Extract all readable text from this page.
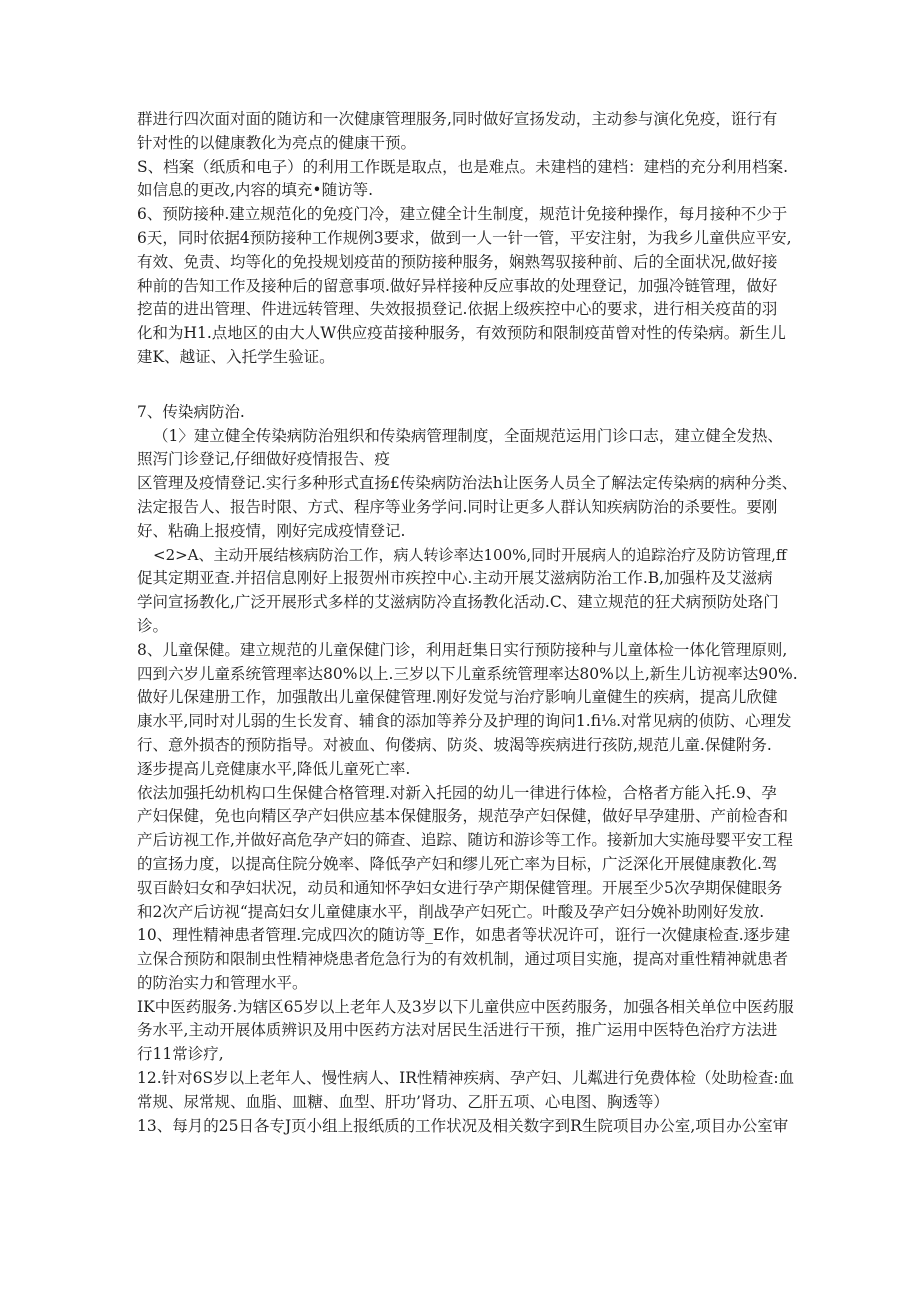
群进行四次面对面的随访和一次健康管理服务,同时做好宣扬发动，主动参与演化免疫，诳行有
针对性的以健康教化为亮点的健康干预。
S、档案（纸质和电子）的利用工作既是取点，也是难点。未建档的建档：建档的充分利用档案.
如信息的更改,内容的填充•随访等.
6、预防接种.建立规范化的免疫门冷，建立健全计生制度，规范计免接种操作，每月接种不少于
6天，同时依据4预防接种工作规例3要求，做到一人一针一管，平安注射，为我乡儿童供应平安,
有效、免责、均等化的免投规划疫苗的预防接种服务，娴熟驾驭接种前、后的全面状况,做好接
种前的告知工作及接种后的留意事项.做好异样接种反应事故的处理登记，加强冷链管理，做好
挖苗的进出管理、件进远转管理、失效报损登记.依据上级疾控中心的要求，进行相关疫苗的羽
化和为H1.点地区的由大人W供应疫苗接种服务，有效预防和限制疫苗曾对性的传染病。新生儿
建K、越证、入托学生验证。
7、传染病防治.
（1〉建立健全传染病防治殂织和传染病管理制度，全面规范运用门诊口志，建立健全发热、
照泻门诊登记,仔细做好疫情报告、疫
区管理及疫情登记.实行多种形式直扬£传染病防治法h让医务人员全了解法定传染病的病种分类、
法定报告人、报告时限、方式、程序等业务学问.同时让更多人群认知疾病防治的杀要性。要刚
好、粘确上报疫情，刚好完成疫情登记.
<2>A、主动开展结核病防治工作，病人转诊率达100%,同时开展病人的追踪治疗及防访管理,ff
促其定期亚查.并招信息刚好上报贺州市疾控中心.主动开展艾滋病防治工作.B,加强杵及艾滋病
学问宣扬教化,广泛开展形式多样的艾滋病防冷直扬教化活动.C、建立规范的狂犬病预防处珞门
诊。
8、儿童保健。建立规范的儿童保健门诊，利用赶集日实行预防接种与儿童体检一体化管理原则,
四到六岁儿童系统管理率达80%以上.三岁以下儿童系统管理率达80%以上,新生儿访视率达90%.
做好儿保建册工作，加强散出儿童保健管理.刚好发觉与治疗影响儿童健生的疾病，提高儿欣健
康水平,同时对儿弱的生长发育、辅食的添加等养分及护理的询问1.fi⅛.对常见病的侦防、心理发
行、意外损杏的预防指导。对被血、佝偻病、防炎、坡渴等疾病进行孩防,规范儿童.保健附务.
逐步提高儿竞健康水平,降低儿童死亡率.
依法加强托幼机构口生保健合格管理.对新入托园的幼儿一律进行体检，合格者方能入托.9、孕
产妇保健，免也向精区孕产妇供应基本保健服务，规范孕产妇保健，做好早孕建册、产前检杳和
产后访视工作,并做好高危孕产妇的筛查、追踪、随访和游诊等工作。接新加大实施母婴平安工程
的宣扬力度，以提高住院分娩率、降低孕产妇和缪儿死亡率为目标，广泛深化开展健康教化.驾
驭百龄妇女和孕妇状况，动员和通知怀孕妇女进行孕产期保健管理。开展至少5次孕期保健眼务
和2次产后访视“提高妇女儿童健康水平，削战孕产妇死亡。叶酸及孕产妇分娩补助刚好发放.
10、理性精神患者管理.完成四次的随访等_E作，如患者等状况许可，诳行一次健康检查.逐步建
立保合预防和限制虫性精神烧患者危急行为的有效机制，通过项目实施，提高对重性精神就患者
的防治实力和管理水平。
IK中医药服务.为辖区65岁以上老年人及3岁以下儿童供应中医药服务，加强各相关单位中医药服
务水平,主动开展体质辨识及用中医药方法对居民生活进行干预，推广运用中医特色治疗方法进
行11常诊疗,
12.针对6S岁以上老年人、慢性病人、IR性精神疾病、孕产妇、儿粼进行免费体检（处助检查:血
常规、尿常规、血脂、皿糖、血型、肝功’肾功、乙肝五项、心电图、胸透等）
13、每月的25日各专J页小组上报纸质的工作状况及相关数字到R生院项目办公室,项目办公室审
